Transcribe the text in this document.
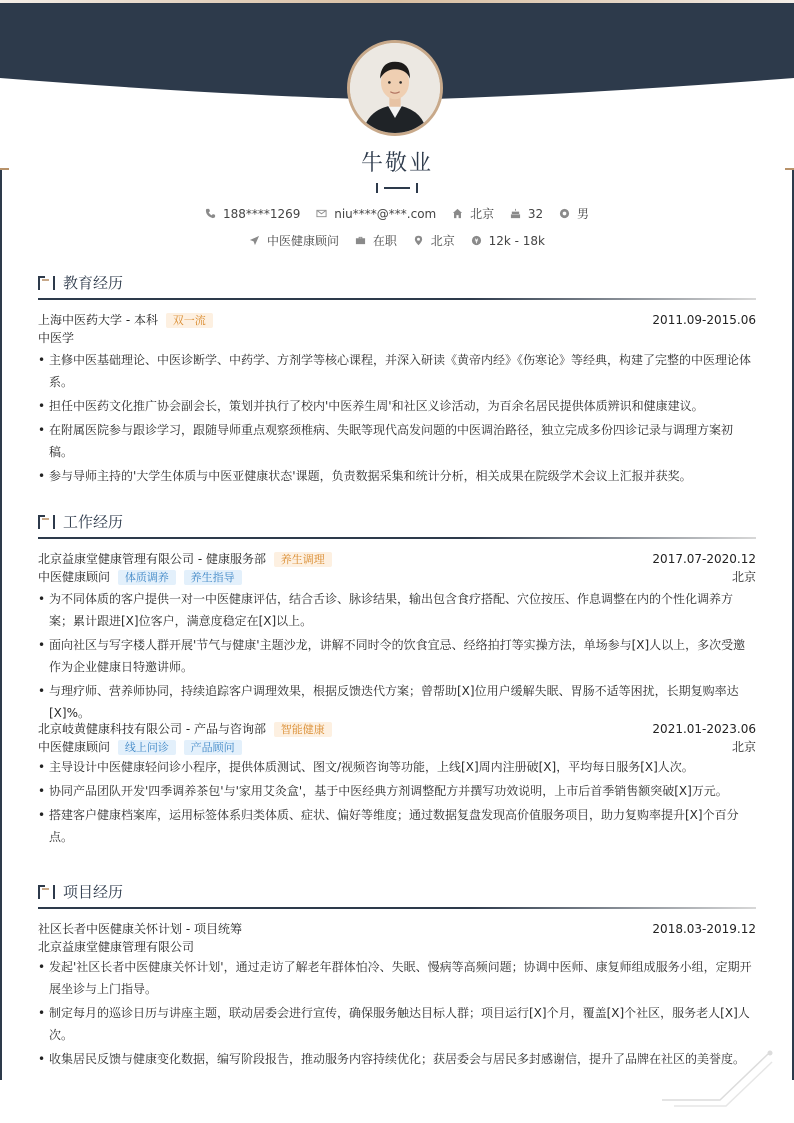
牛敬业
188****1269
	niu****@***.com
	北京
	32
	男
中医健康顾问
	在职
	北京
	12k - 18k
教育经历
上海中医药大学 - 本科 双一流	2011.09-2015.06
中医学
• 主修中医基础理论、中医诊断学、中药学、方剂学等核心课程，并深入研读《黄帝内经》《伤寒论》等经典，构建了完整的中医理论体系。
• 担任中医药文化推广协会副会长，策划并执行了校内'中医养生周'和社区义诊活动，为百余名居民提供体质辨识和健康建议。
• 在附属医院参与跟诊学习，跟随导师重点观察颈椎病、失眠等现代高发问题的中医调治路径，独立完成多份四诊记录与调理方案初稿。
• 参与导师主持的'大学生体质与中医亚健康状态'课题，负责数据采集和统计分析，相关成果在院级学术会议上汇报并获奖。
工作经历
北京益康堂健康管理有限公司 - 健康服务部 养生调理	2017.07-2020.12
中医健康顾问 体质调养 养生指导	北京
• 为不同体质的客户提供一对一中医健康评估，结合舌诊、脉诊结果，输出包含食疗搭配、穴位按压、作息调整在内的个性化调养方案；累计跟进[X]位客户，满意度稳定在[X]以上。
• 面向社区与写字楼人群开展'节气与健康'主题沙龙，讲解不同时令的饮食宜忌、经络拍打等实操方法，单场参与[X]人以上，多次受邀作为企业健康日特邀讲师。
• 与理疗师、营养师协同，持续追踪客户调理效果，根据反馈迭代方案；曾帮助[X]位用户缓解失眠、胃肠不适等困扰，长期复购率达[X]%。
北京岐黄健康科技有限公司 - 产品与咨询部 智能健康	2021.01-2023.06
中医健康顾问 线上问诊 产品顾问	北京
• 主导设计中医健康轻问诊小程序，提供体质测试、图文/视频咨询等功能，上线[X]周内注册破[X]，平均每日服务[X]人次。
• 协同产品团队开发'四季调养茶包'与'家用艾灸盒'，基于中医经典方剂调整配方并撰写功效说明，上市后首季销售额突破[X]万元。
• 搭建客户健康档案库，运用标签体系归类体质、症状、偏好等维度；通过数据复盘发现高价值服务项目，助力复购率提升[X]个百分点。
项目经历
社区长者中医健康关怀计划 - 项目统筹	2018.03-2019.12
北京益康堂健康管理有限公司
• 发起'社区长者中医健康关怀计划'，通过走访了解老年群体怕冷、失眠、慢病等高频问题；协调中医师、康复师组成服务小组，定期开展坐诊与上门指导。
• 制定每月的巡诊日历与讲座主题，联动居委会进行宣传，确保服务触达目标人群；项目运行[X]个月，覆盖[X]个社区，服务老人[X]人次。
• 收集居民反馈与健康变化数据，编写阶段报告，推动服务内容持续优化；获居委会与居民多封感谢信，提升了品牌在社区的美誉度。
